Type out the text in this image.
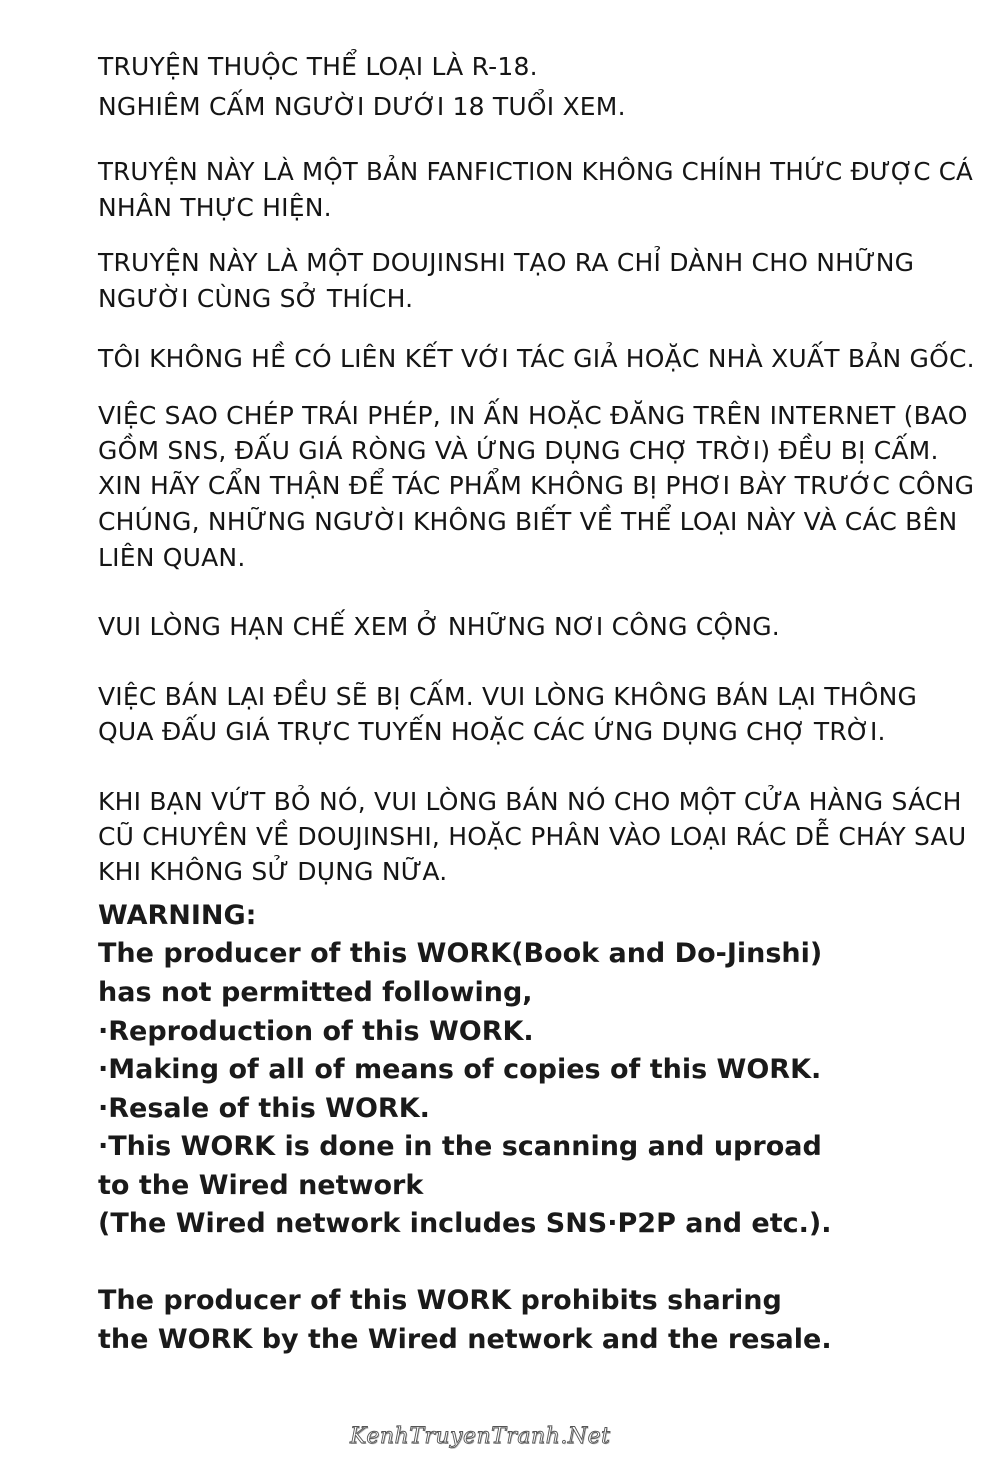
TRUYỆN THUỘC THỂ LOẠI LÀ R-18.
NGHIÊM CẤM NGƯỜI DƯỚI 18 TUỔI XEM.
TRUYỆN NÀY LÀ MỘT BẢN FANFICTION KHÔNG CHÍNH THỨC ĐƯỢC CÁ
NHÂN THỰC HIỆN.
TRUYỆN NÀY LÀ MỘT DOUJINSHI TẠO RA CHỈ DÀNH CHO NHỮNG
NGƯỜI CÙNG SỞ THÍCH.
TÔI KHÔNG HỀ CÓ LIÊN KẾT VỚI TÁC GIẢ HOẶC NHÀ XUẤT BẢN GỐC.
VIỆC SAO CHÉP TRÁI PHÉP, IN ẤN HOẶC ĐĂNG TRÊN INTERNET (BAO
GỒM SNS, ĐẤU GIÁ RÒNG VÀ ỨNG DỤNG CHỢ TRỜI) ĐỀU BỊ CẤM.
XIN HÃY CẨN THẬN ĐỂ TÁC PHẨM KHÔNG BỊ PHƠI BÀY TRƯỚC CÔNG
CHÚNG, NHỮNG NGƯỜI KHÔNG BIẾT VỀ THỂ LOẠI NÀY VÀ CÁC BÊN
LIÊN QUAN.
VUI LÒNG HẠN CHẾ XEM Ở NHỮNG NƠI CÔNG CỘNG.
VIỆC BÁN LẠI ĐỀU SẼ BỊ CẤM. VUI LÒNG KHÔNG BÁN LẠI THÔNG
QUA ĐẤU GIÁ TRỰC TUYẾN HOẶC CÁC ỨNG DỤNG CHỢ TRỜI.
KHI BẠN VỨT BỎ NÓ, VUI LÒNG BÁN NÓ CHO MỘT CỬA HÀNG SÁCH
CŨ CHUYÊN VỀ DOUJINSHI, HOẶC PHÂN VÀO LOẠI RÁC DỄ CHÁY SAU
KHI KHÔNG SỬ DỤNG NỮA.
WARNING:
The producer of this WORK(Book and Do-Jinshi)
has not permitted following,
·Reproduction of this WORK.
·Making of all of means of copies of this WORK.
·Resale of this WORK.
·This WORK is done in the scanning and uproad
to the Wired network
(The Wired network includes SNS·P2P and etc.).
The producer of this WORK prohibits sharing
the WORK by the Wired network and the resale.
KenhTruyenTranh.Net
